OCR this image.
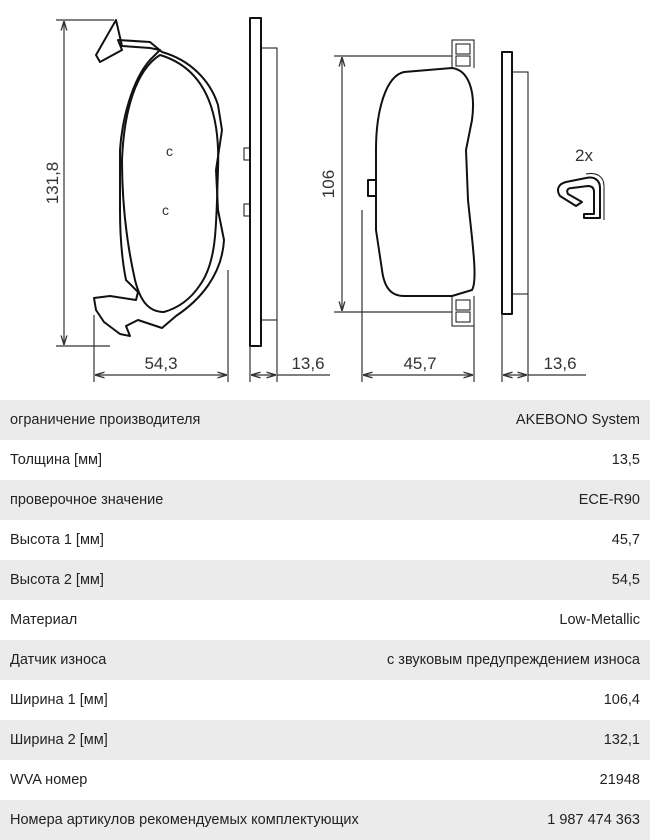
c
c
131,8
54,3	13,6
106
45,7	13,6
2x
ограничение производителя	AKEBONO System
Толщина [мм]	13,5
проверочное значение	ECE-R90
Высота 1 [мм]	45,7
Высота 2 [мм]	54,5
Материал	Low-Metallic
Датчик износа	с звуковым предупреждением износа
Ширина 1 [мм]	106,4
Ширина 2 [мм]	132,1
WVA номер	21948
Номера артикулов рекомендуемых комплектующих	1 987 474 363
